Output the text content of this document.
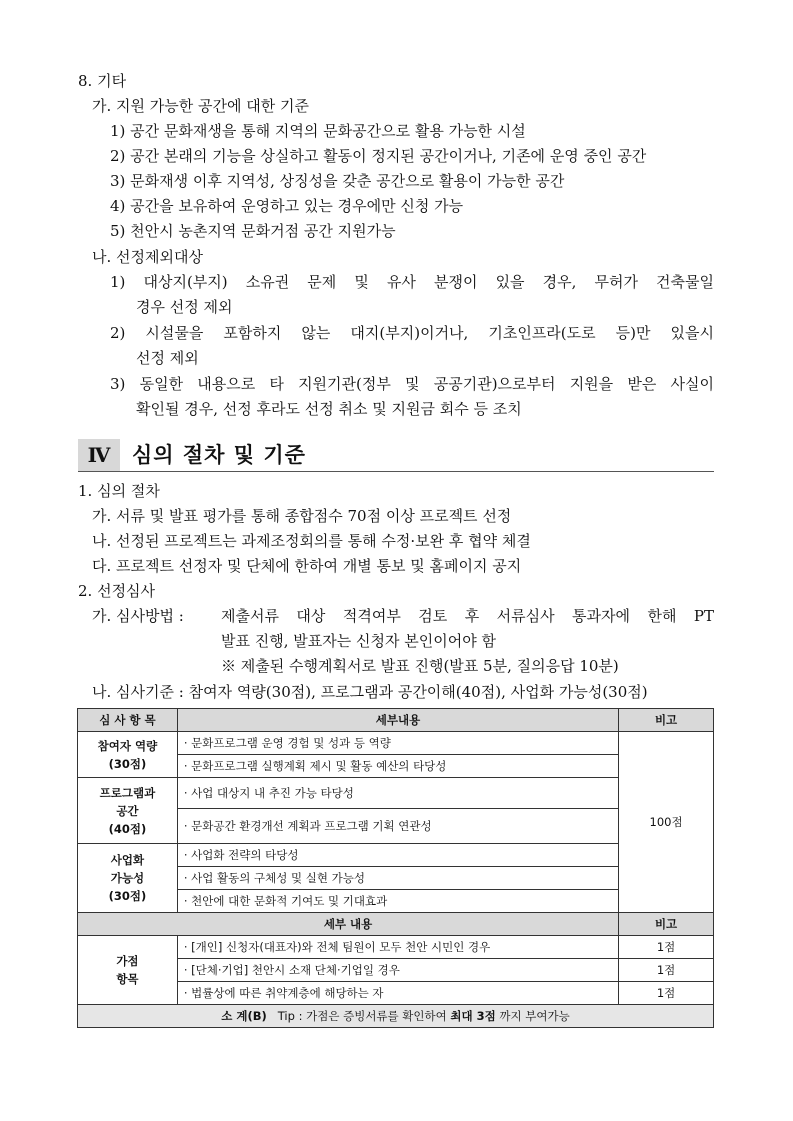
8. 기타
가. 지원 가능한 공간에 대한 기준
1) 공간 문화재생을 통해 지역의 문화공간으로 활용 가능한 시설
2) 공간 본래의 기능을 상실하고 활동이 정지된 공간이거나, 기존에 운영 중인 공간
3) 문화재생 이후 지역성, 상징성을 갖춘 공간으로 활용이 가능한 공간
4) 공간을 보유하여 운영하고 있는 경우에만 신청 가능
5) 천안시 농촌지역 문화거점 공간 지원가능
나. 선정제외대상
1) 대상지(부지) 소유권 문제 및 유사 분쟁이 있을 경우, 무허가 건축물일
경우 선정 제외
2) 시설물을 포함하지 않는 대지(부지)이거나, 기초인프라(도로 등)만 있을시
선정 제외
3) 동일한 내용으로 타 지원기관(정부 및 공공기관)으로부터 지원을 받은 사실이
확인될 경우, 선정 후라도 선정 취소 및 지원금 회수 등 조치
Ⅳ	심의 절차 및 기준
1. 심의 절차
가. 서류 및 발표 평가를 통해 종합점수 70점 이상 프로젝트 선정
나. 선정된 프로젝트는 과제조정회의를 통해 수정·보완 후 협약 체결
다. 프로젝트 선정자 및 단체에 한하여 개별 통보 및 홈페이지 공지
2. 선정심사
가. 심사방법 : 제출서류 대상 적격여부 검토 후 서류심사 통과자에 한해 PT
발표 진행, 발표자는 신청자 본인이어야 함
※ 제출된 수행계획서로 발표 진행(발표 5분, 질의응답 10분)
나. 심사기준 : 참여자 역량(30점), 프로그램과 공간이해(40점), 사업화 가능성(30점)
심 사 항 목	세부내용	비고
참여자 역량
(30점)	· 문화프로그램 운영 경험 및 성과 등 역량	100점
	· 문화프로그램 실행계획 제시 및 활동 예산의 타당성	
프로그램과
공간
(40점)	· 사업 대상지 내 추진 가능 타당성	
	· 문화공간 환경개선 계획과 프로그램 기획 연관성	
사업화
가능성
(30점)	· 사업화 전략의 타당성	
	· 사업 활동의 구체성 및 실현 가능성	
	· 천안에 대한 문화적 기여도 및 기대효과	
세부 내용		비고
가점
항목	· [개인] 신청자(대표자)와 전체 팀원이 모두 천안 시민인 경우	1점
	· [단체·기업] 천안시 소재 단체·기업일 경우	1점
	· 법률상에 따른 취약계층에 해당하는 자	1점
소 계(B) Tip : 가점은 증빙서류를 확인하여 최대 3점 까지 부여가능		
